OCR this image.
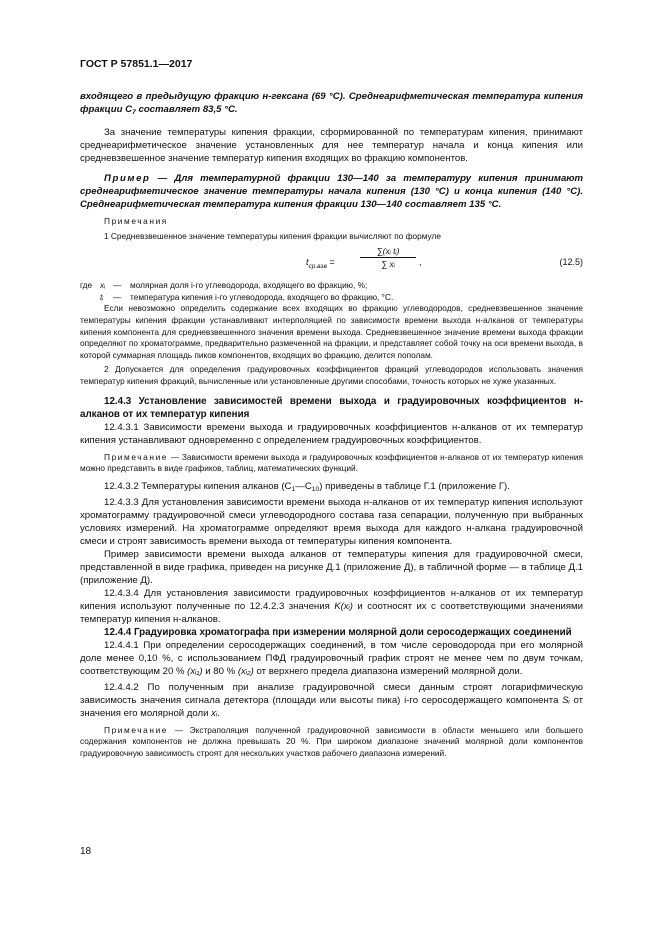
ГОСТ Р 57851.1—2017

входящего в предыдущую фракцию н-гексана (69 °С). Среднеарифметическая температура кипения фракции $С_7$ составляет 83,5 °С.

За значение температуры кипения фракции, сформированной по температурам кипения, принимают среднеарифметическое значение установленных для нее температур начала и конца кипения или средневзвешенное значение температур кипения входящих во фракцию компонентов.

Пример — Для температурной фракции 130—140 за температуру кипения принимают среднеарифметическое значение температуры начала кипения (130 °С) и конца кипения (140 °С). Среднеарифметическая температура кипения фракции 130—140 составляет 135 °С.

Примечания

1 Средневзвешенное значение температуры кипения фракции вычисляют по формуле

$t_{ср.взв}$ =	$\frac{\text{∑(xᵢ tᵢ)}}{\text{∑ xᵢ}}$ ,	(12.5)
где xᵢ — молярная доля i-го углеводорода, входящего во фракцию, %;
tᵢ — температура кипения i-го углеводорода, входящего во фракцию, °С.

Если невозможно определить содержание всех входящих во фракцию углеводородов, средневзвешенное значение температуры кипения фракции устанавливают интерполяцией по зависимости времени выхода н-алканов от температуры кипения компонента для средневзвешенного значения времени выхода. Средневзвешенное значение времени выхода фракции определяют по хроматограмме, предварительно размеченной на фракции, и представляет собой точку на оси времени выхода, в которой суммарная площадь пиков компонентов, входящих во фракцию, делится пополам.

2 Допускается для определения градуировочных коэффициентов фракций углеводородов использовать значения температур кипения фракций, вычисленные или установленные другими способами, точность которых не хуже указанных.

12.4.3 Установление зависимостей времени выхода и градуировочных коэффициентов н-алканов от их температур кипения

12.4.3.1 Зависимости времени выхода и градуировочных коэффициентов н-алканов от их температур кипения устанавливают одновременно с определением градуировочных коэффициентов.

Примечание — Зависимости времени выхода и градуировочных коэффициентов н-алканов от их температур кипения можно представить в виде графиков, таблиц, математических функций.

12.4.3.2 Температуры кипения алканов $(С_1—С_{10})$ приведены в таблице Г.1 (приложение Г).

12.4.3.3 Для установления зависимости времени выхода н-алканов от их температур кипения используют хроматограмму градуировочной смеси углеводородного состава газа сепарации, полученную при выбранных условиях измерений. На хроматограмме определяют время выхода для каждого н-алкана градуировочной смеси и строят зависимость времени выхода от температуры кипения компонента.

Пример зависимости времени выхода алканов от температуры кипения для градуировочной смеси, представленной в виде графика, приведен на рисунке Д.1 (приложение Д), в табличной форме — в таблице Д.1 (приложение Д).

12.4.3.4 Для установления зависимости градуировочных коэффициентов н-алканов от их температур кипения используют полученные по 12.4.2.3 значения K(xᵢ) и соотносят их с соответствующими значениями температур кипения н-алканов.

12.4.4 Градуировка хроматографа при измерении молярной доли серосодержащих соединений

12.4.4.1 При определении серосодержащих соединений, в том числе сероводорода при его молярной доле менее 0,10 %, с использованием ПФД градуировочный график строят не менее чем по двум точкам, соответствующим 20 % (xᵢ₁) и 80 % (xᵢ₂) от верхнего предела диапазона измерений молярной доли.

12.4.4.2 По полученным при анализе градуировочной смеси данным строят логарифмическую зависимость значения сигнала детектора (площади или высоты пика) i-го серосодержащего компонента Sᵢ от значения его молярной доли xᵢ.

Примечание — Экстраполяция полученной градуировочной зависимости в области меньшего или большего содержания компонентов не должна превышать 20 %. При широком диапазоне значений молярной доли компонентов градуировочную зависимость строят для нескольких участков рабочего диапазона измерений.

18
